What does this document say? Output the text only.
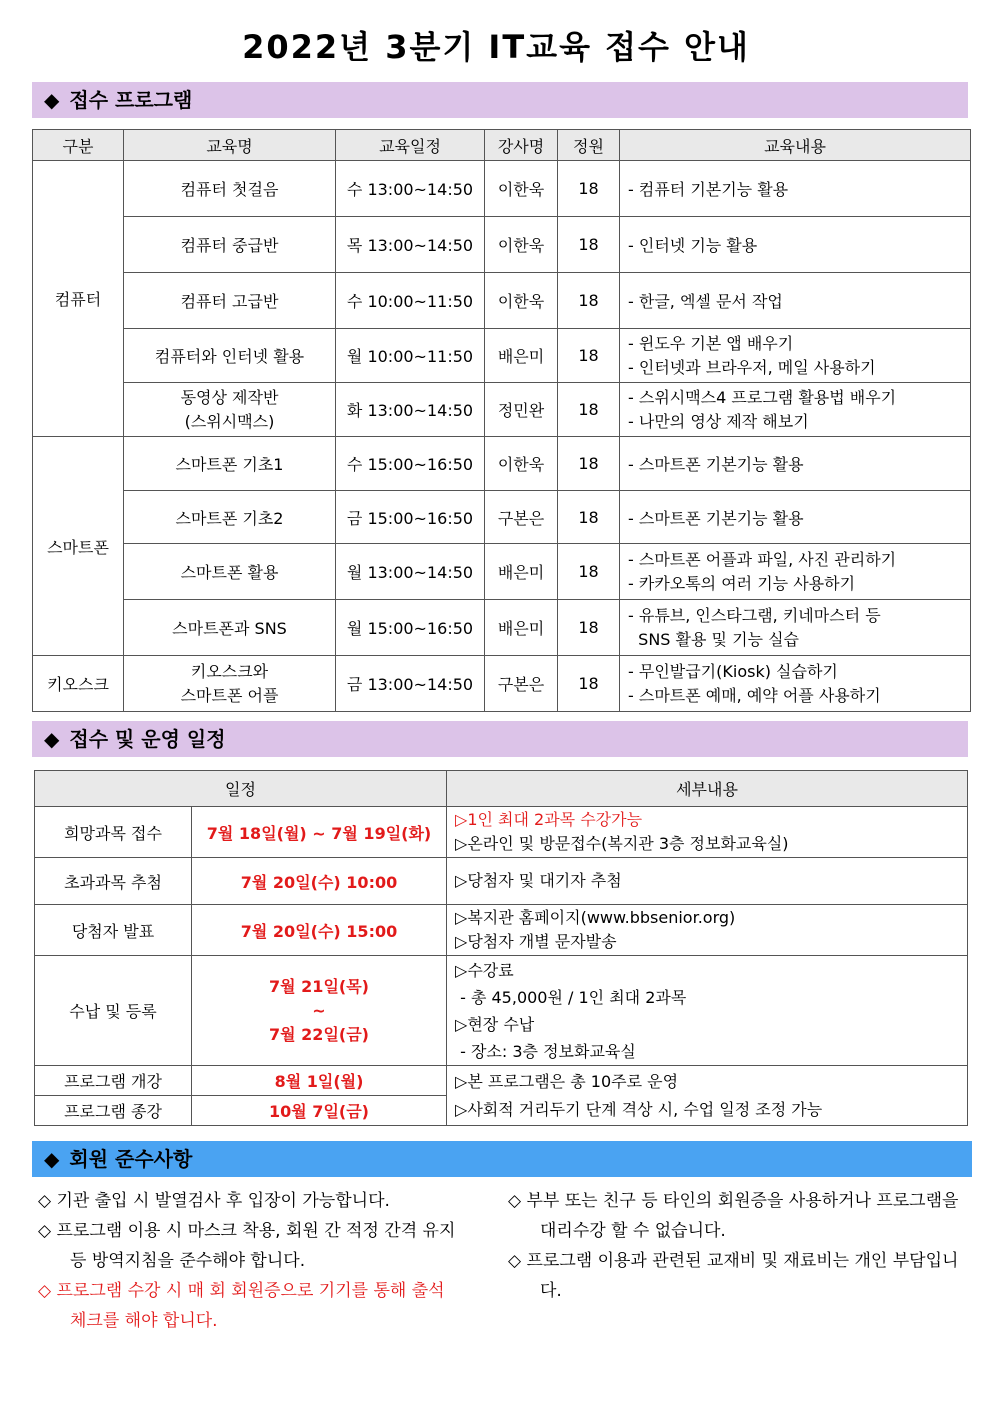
2022년 3분기 IT교육 접수 안내
◆ 접수 프로그램
구분	교육명	교육일정	강사명	정원	교육내용
컴퓨터	컴퓨터 첫걸음	수 13:00~14:50	이한욱	18	- 컴퓨터 기본기능 활용
	컴퓨터 중급반	목 13:00~14:50	이한욱	18	- 인터넷 기능 활용
	컴퓨터 고급반	수 10:00~11:50	이한욱	18	- 한글, 엑셀 문서 작업
	컴퓨터와 인터넷 활용	월 10:00~11:50	배은미	18	- 윈도우 기본 앱 배우기
- 인터넷과 브라우저, 메일 사용하기

	동영상 제작반
(스위시맥스)	화 13:00~14:50	정민완	18	- 스위시맥스4 프로그램 활용법 배우기
- 나만의 영상 제작 해보기

스마트폰	스마트폰 기초1	수 15:00~16:50	이한욱	18	- 스마트폰 기본기능 활용
	스마트폰 기초2	금 15:00~16:50	구본은	18	- 스마트폰 기본기능 활용
	스마트폰 활용	월 13:00~14:50	배은미	18	- 스마트폰 어플과 파일, 사진 관리하기
- 카카오톡의 여러 기능 사용하기

	스마트폰과 SNS	월 15:00~16:50	배은미	18	- 유튜브, 인스타그램, 키네마스터 등
SNS 활용 및 기능 실습

키오스크	키오스크와
스마트폰 어플	금 13:00~14:50	구본은	18	- 무인발급기(Kiosk) 실습하기
- 스마트폰 예매, 예약 어플 사용하기
◆ 접수 및 운영 일정
일정		세부내용
희망과목 접수	7월 18일(월) ~ 7월 19일(화)	▷1인 최대 2과목 수강가능
▷온라인 및 방문접수(복지관 3층 정보화교육실)

초과과목 추첨	7월 20일(수) 10:00	▷당첨자 및 대기자 추첨

당첨자 발표	7월 20일(수) 15:00	▷복지관 홈페이지(www.bbsenior.org)
▷당첨자 개별 문자발송

수납 및 등록	7월 21일(목)
~
7월 22일(금)	▷수강료
- 총 45,000원 / 1인 최대 2과목
▷현장 수납
- 장소: 3층 정보화교육실

프로그램 개강	8월 1일(월)	▷본 프로그램은 총 10주로 운영
▷사회적 거리두기 단계 격상 시, 수업 일정 조정 가능

프로그램 종강	10월 7일(금)	
◆ 회원 준수사항
◇ 기관 출입 시 발열검사 후 입장이 가능합니다.
◇ 프로그램 이용 시 마스크 착용, 회원 간 적정 간격 유지 등 방역지침을 준수해야 합니다.
◇ 프로그램 수강 시 매 회 회원증으로 기기를 통해 출석체크를 해야 합니다.
◇ 부부 또는 친구 등 타인의 회원증을 사용하거나 프로그램을 대리수강 할 수 없습니다.
◇ 프로그램 이용과 관련된 교재비 및 재료비는 개인 부담입니다.
